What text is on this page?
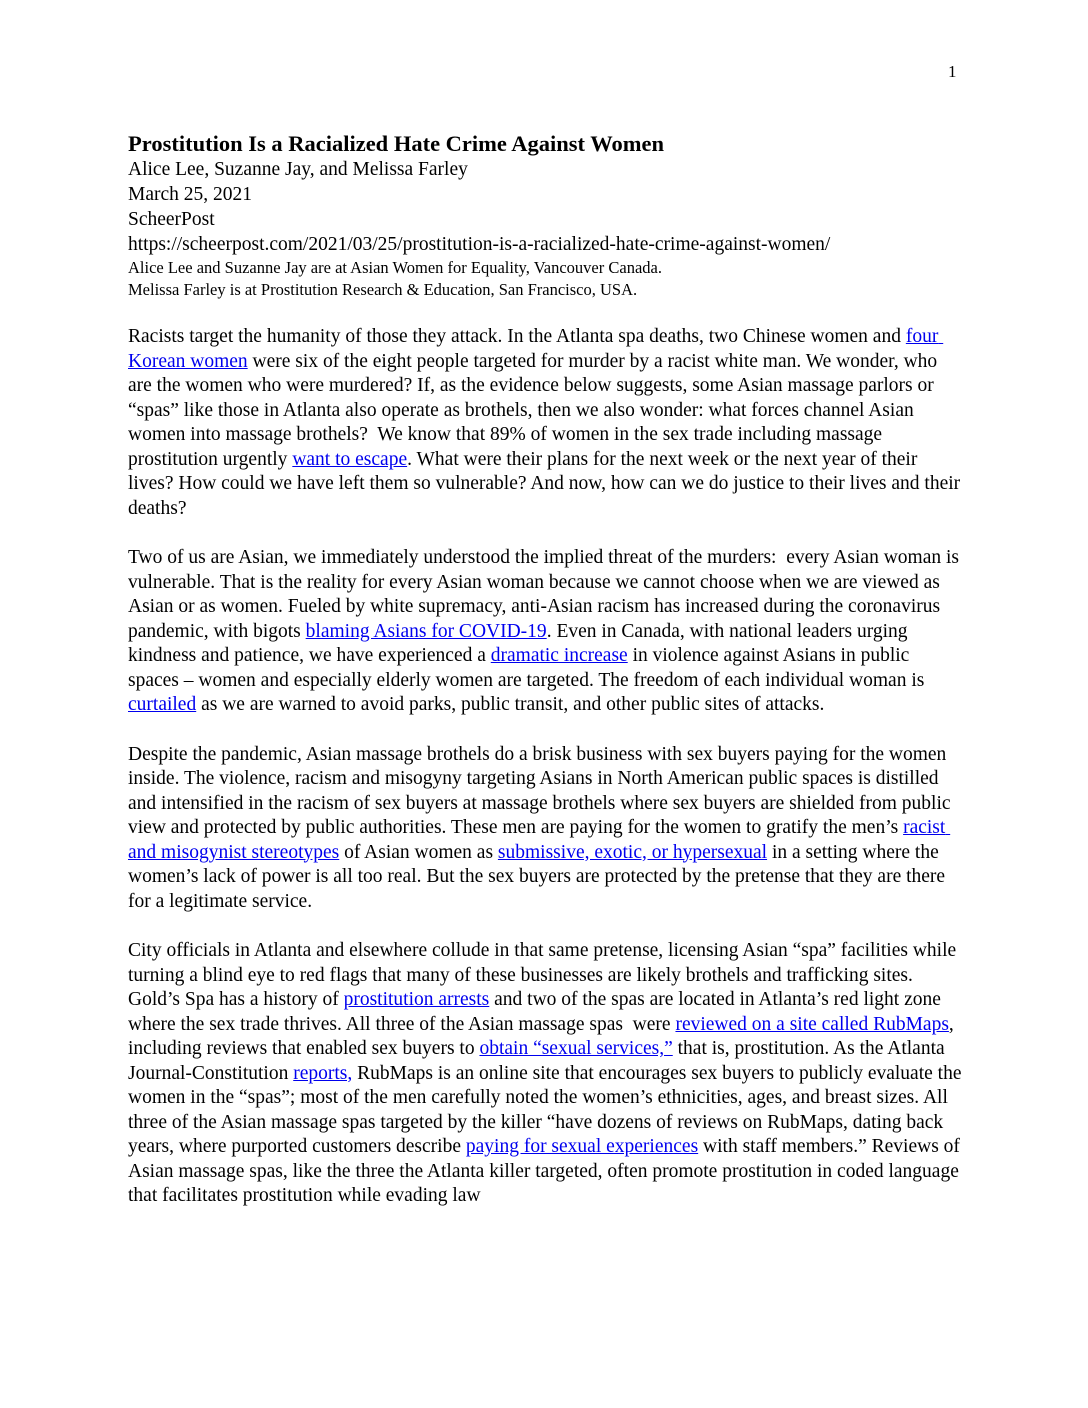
1
Prostitution Is a Racialized Hate Crime Against Women
Alice Lee, Suzanne Jay, and Melissa Farley
March 25, 2021
ScheerPost
https://scheerpost.com/2021/03/25/prostitution-is-a-racialized-hate-crime-against-women/
Alice Lee and Suzanne Jay are at Asian Women for Equality, Vancouver Canada.
Melissa Farley is at Prostitution Research & Education, San Francisco, USA.

Racists target the humanity of those they attack. In the Atlanta spa deaths, two Chinese women and four Korean women were six of the eight people targeted for murder by a racist white man. We wonder, who are the women who were murdered? If, as the evidence below suggests, some Asian massage parlors or “spas” like those in Atlanta also operate as brothels, then we also wonder: what forces channel Asian women into massage brothels?  We know that 89% of women in the sex trade including massage prostitution urgently want to escape. What were their plans for the next week or the next year of their lives? How could we have left them so vulnerable? And now, how can we do justice to their lives and their deaths?

Two of us are Asian, we immediately understood the implied threat of the murders:  every Asian woman is vulnerable. That is the reality for every Asian woman because we cannot choose when we are viewed as Asian or as women. Fueled by white supremacy, anti-Asian racism has increased during the coronavirus pandemic, with bigots blaming Asians for COVID-19. Even in Canada, with national leaders urging kindness and patience, we have experienced a dramatic increase in violence against Asians in public spaces – women and especially elderly women are targeted. The freedom of each individual woman is curtailed as we are warned to avoid parks, public transit, and other public sites of attacks.

Despite the pandemic, Asian massage brothels do a brisk business with sex buyers paying for the women inside. The violence, racism and misogyny targeting Asians in North American public spaces is distilled and intensified in the racism of sex buyers at massage brothels where sex buyers are shielded from public view and protected by public authorities. These men are paying for the women to gratify the men’s racist and misogynist stereotypes of Asian women as submissive, exotic, or hypersexual in a setting where the women’s lack of power is all too real. But the sex buyers are protected by the pretense that they are there for a legitimate service.

City officials in Atlanta and elsewhere collude in that same pretense, licensing Asian “spa” facilities while turning a blind eye to red flags that many of these businesses are likely brothels and trafficking sites.  Gold’s Spa has a history of prostitution arrests and two of the spas are located in Atlanta’s red light zone where the sex trade thrives. All three of the Asian massage spas  were reviewed on a site called RubMaps, including reviews that enabled sex buyers to obtain “sexual services,” that is, prostitution. As the Atlanta Journal-Constitution reports, RubMaps is an online site that encourages sex buyers to publicly evaluate the women in the “spas”; most of the men carefully noted the women’s ethnicities, ages, and breast sizes. All three of the Asian massage spas targeted by the killer “have dozens of reviews on RubMaps, dating back years, where purported customers describe paying for sexual experiences with staff members.” Reviews of Asian massage spas, like the three the Atlanta killer targeted, often promote prostitution in coded language that facilitates prostitution while evading law
